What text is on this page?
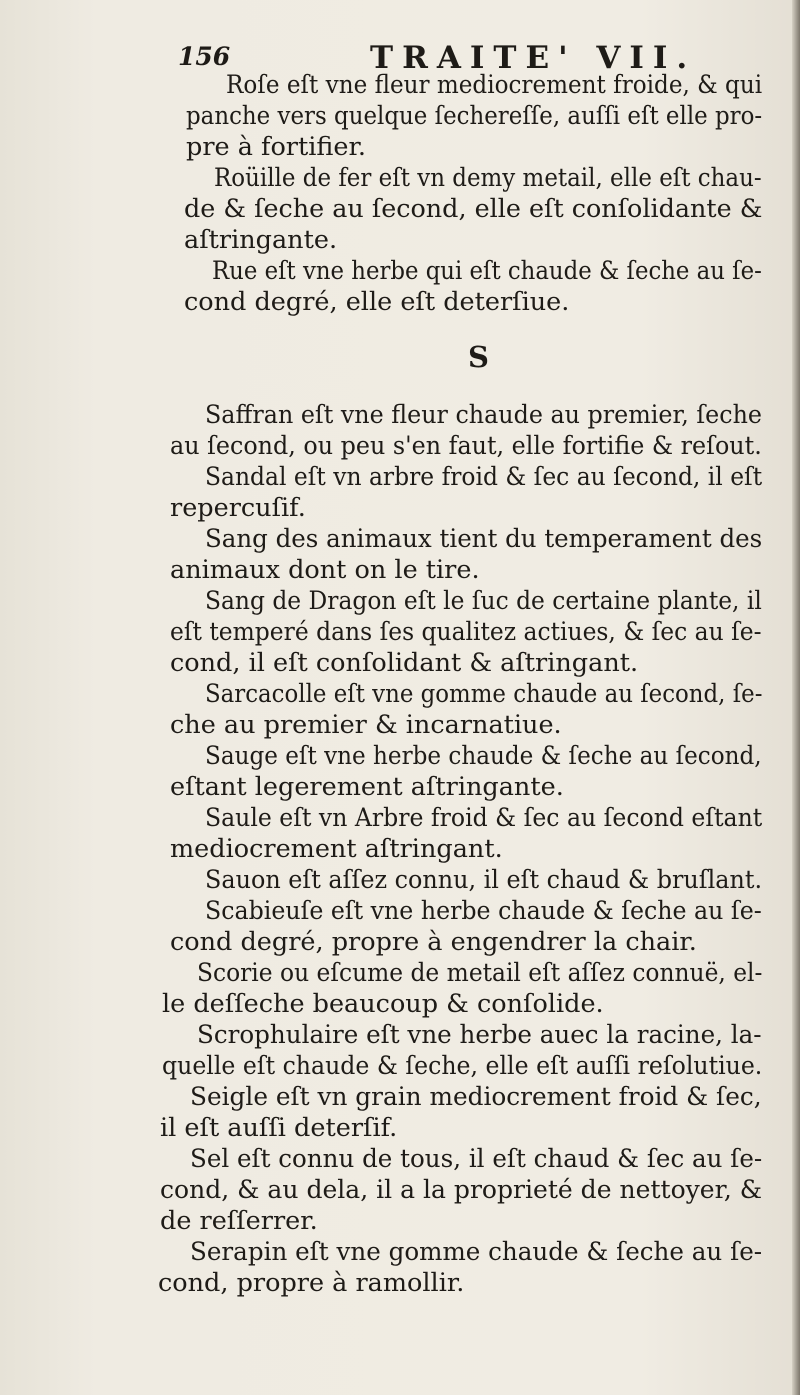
156	TRAITE' VII.
Roſe eſt vne fleur mediocrement froide, & qui
panche vers quelque ſechereſſe, auſſi eſt elle pro-
pre à fortifier.
Roüille de fer eſt vn demy metail, elle eſt chau-
de & ſeche au ſecond, elle eſt conſolidante &
aſtringante.
Rue eſt vne herbe qui eſt chaude & ſeche au ſe-
cond degré, elle eſt deterſiue.
S
Saffran eſt vne fleur chaude au premier, ſeche
au ſecond, ou peu s'en faut, elle fortifie & reſout.
Sandal eſt vn arbre froid & ſec au ſecond, il eſt
repercuſif.
Sang des animaux tient du temperament des
animaux dont on le tire.
Sang de Dragon eſt le ſuc de certaine plante, il
eſt temperé dans ſes qualitez actiues, & ſec au ſe-
cond, il eſt conſolidant & aſtringant.
Sarcacolle eſt vne gomme chaude au ſecond, ſe-
che au premier & incarnatiue.
Sauge eſt vne herbe chaude & ſeche au ſecond,
eſtant legerement aſtringante.
Saule eſt vn Arbre froid & ſec au ſecond eſtant
mediocrement aſtringant.
Sauon eſt aſſez connu, il eſt chaud & bruſlant.
Scabieuſe eſt vne herbe chaude & ſeche au ſe-
cond degré, propre à engendrer la chair.
Scorie ou eſcume de metail eſt aſſez connuë, el-
le deſſeche beaucoup & conſolide.
Scrophulaire eſt vne herbe auec la racine, la-
quelle eſt chaude & ſeche, elle eſt auſſi reſolutiue.
Seigle eſt vn grain mediocrement froid & ſec,
il eſt auſſi deterſif.
Sel eſt connu de tous, il eſt chaud & ſec au ſe-
cond, & au dela, il a la proprieté de nettoyer, &
de reſſerrer.
Serapin eſt vne gomme chaude & ſeche au ſe-
cond, propre à ramollir.
